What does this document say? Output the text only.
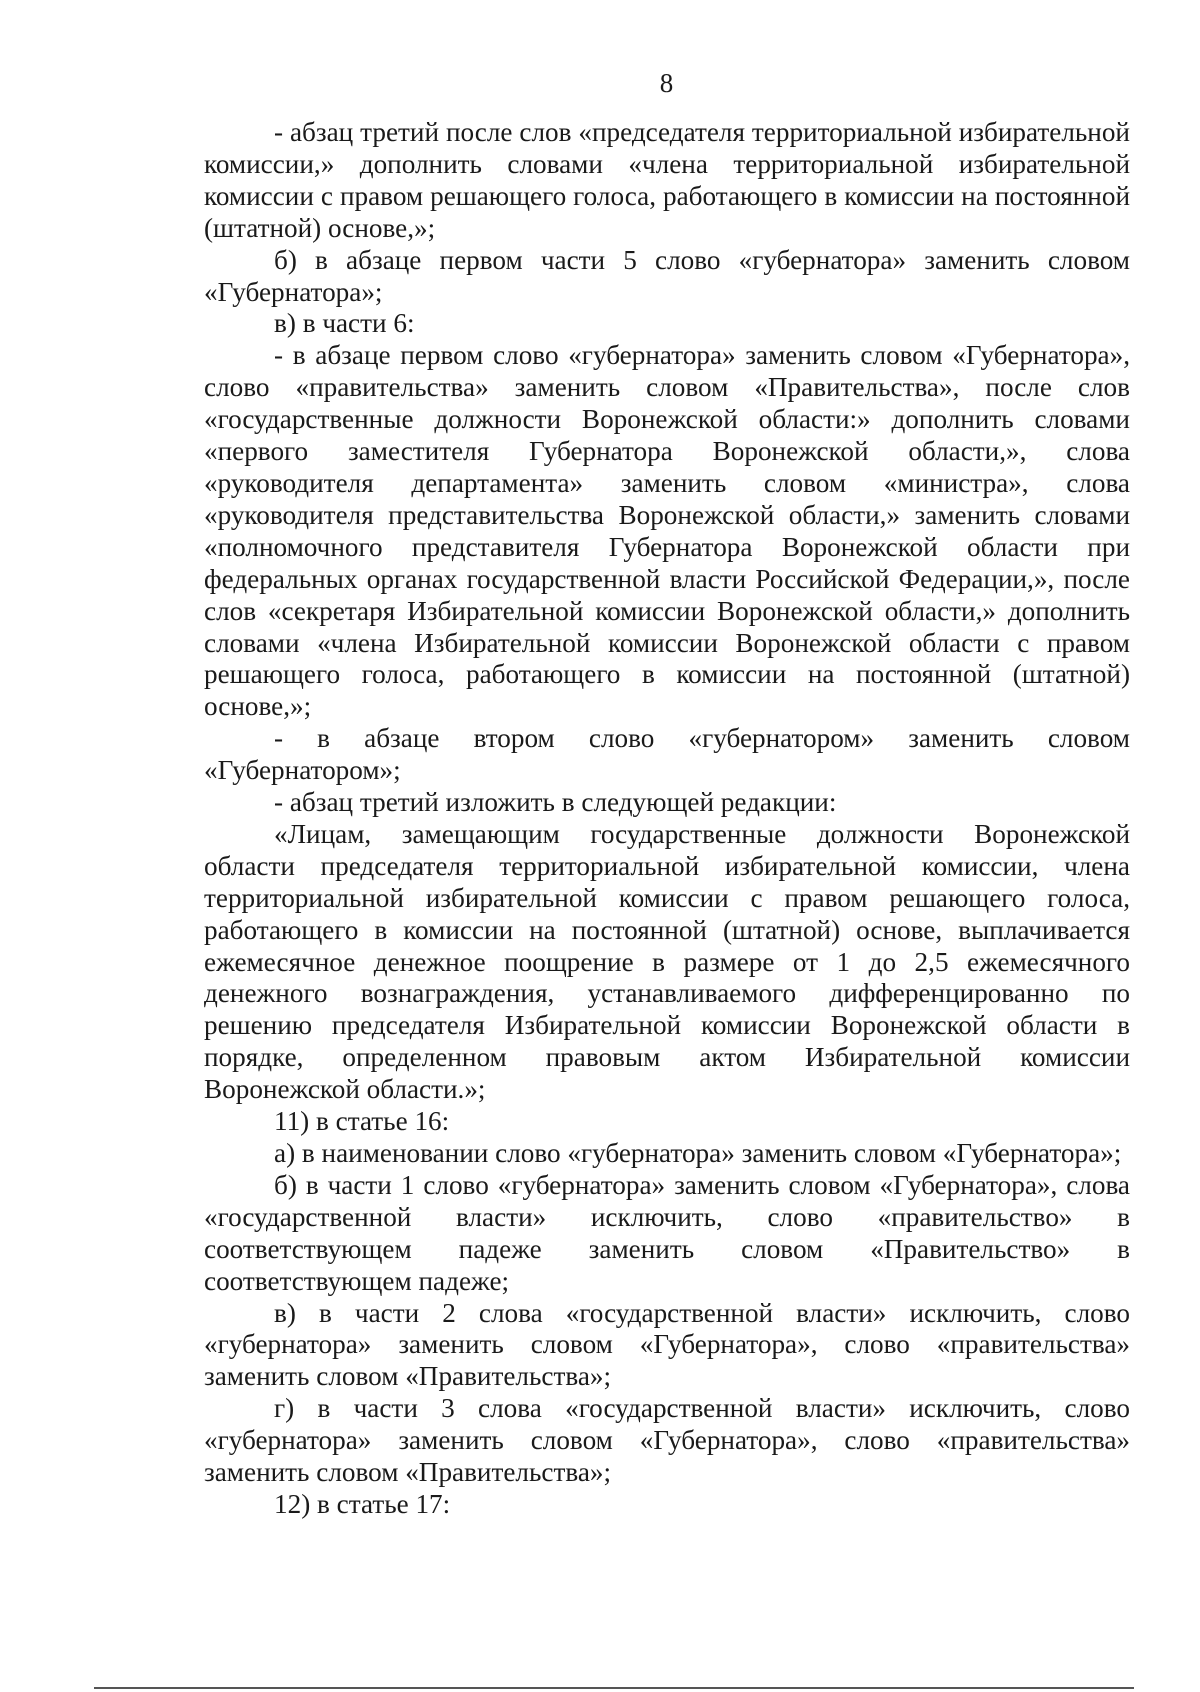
8

- абзац третий после слов «председателя территориальной избирательной комиссии,» дополнить словами «члена территориальной избирательной комиссии с правом решающего голоса, работающего в комиссии на постоянной (штатной) основе,»;

б) в абзаце первом части 5 слово «губернатора» заменить словом «Губернатора»;

в) в части 6:

- в абзаце первом слово «губернатора» заменить словом «Губернатора», слово «правительства» заменить словом «Правительства», после слов «государственные должности Воронежской области:» дополнить словами «первого заместителя Губернатора Воронежской области,», слова «руководителя департамента» заменить словом «министра», слова «руководителя представительства Воронежской области,» заменить словами «полномочного представителя Губернатора Воронежской области при федеральных органах государственной власти Российской Федерации,», после слов «секретаря Избирательной комиссии Воронежской области,» дополнить словами «члена Избирательной комиссии Воронежской области с правом решающего голоса, работающего в комиссии на постоянной (штатной) основе,»;

- в абзаце втором слово «губернатором» заменить словом «Губернатором»;

- абзац третий изложить в следующей редакции:

«Лицам, замещающим государственные должности Воронежской области председателя территориальной избирательной комиссии, члена территориальной избирательной комиссии с правом решающего голоса, работающего в комиссии на постоянной (штатной) основе, выплачивается ежемесячное денежное поощрение в размере от 1 до 2,5 ежемесячного денежного вознаграждения, устанавливаемого дифференцированно по решению председателя Избирательной комиссии Воронежской области в порядке, определенном правовым актом Избирательной комиссии Воронежской области.»;

11) в статье 16:

а) в наименовании слово «губернатора» заменить словом «Губернатора»;

б) в части 1 слово «губернатора» заменить словом «Губернатора», слова «государственной власти» исключить, слово «правительство» в соответствующем падеже заменить словом «Правительство» в соответствующем падеже;

в) в части 2 слова «государственной власти» исключить, слово «губернатора» заменить словом «Губернатора», слово «правительства» заменить словом «Правительства»;

г) в части 3 слова «государственной власти» исключить, слово «губернатора» заменить словом «Губернатора», слово «правительства» заменить словом «Правительства»;

12) в статье 17:
